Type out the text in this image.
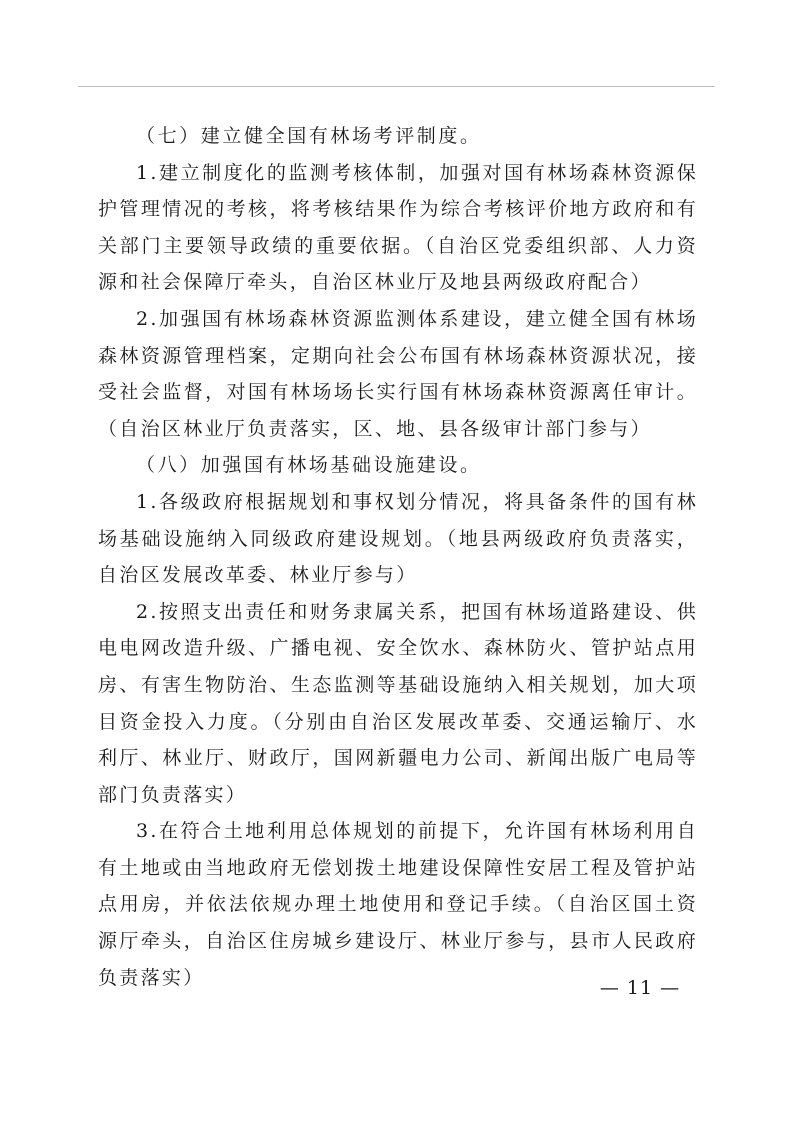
（七）建立健全国有林场考评制度。

1.建立制度化的监测考核体制，加强对国有林场森林资源保护管理情况的考核，将考核结果作为综合考核评价地方政府和有关部门主要领导政绩的重要依据。（自治区党委组织部、人力资源和社会保障厅牵头，自治区林业厅及地县两级政府配合）

2.加强国有林场森林资源监测体系建设，建立健全国有林场森林资源管理档案，定期向社会公布国有林场森林资源状况，接受社会监督，对国有林场场长实行国有林场森林资源离任审计。（自治区林业厅负责落实，区、地、县各级审计部门参与）

（八）加强国有林场基础设施建设。

1.各级政府根据规划和事权划分情况，将具备条件的国有林场基础设施纳入同级政府建设规划。（地县两级政府负责落实，自治区发展改革委、林业厅参与）

2.按照支出责任和财务隶属关系，把国有林场道路建设、供电电网改造升级、广播电视、安全饮水、森林防火、管护站点用房、有害生物防治、生态监测等基础设施纳入相关规划，加大项目资金投入力度。（分别由自治区发展改革委、交通运输厅、水利厅、林业厅、财政厅，国网新疆电力公司、新闻出版广电局等部门负责落实）

3.在符合土地利用总体规划的前提下，允许国有林场利用自有土地或由当地政府无偿划拨土地建设保障性安居工程及管护站点用房，并依法依规办理土地使用和登记手续。（自治区国土资源厅牵头，自治区住房城乡建设厅、林业厅参与，县市人民政府负责落实）	— 11 —
